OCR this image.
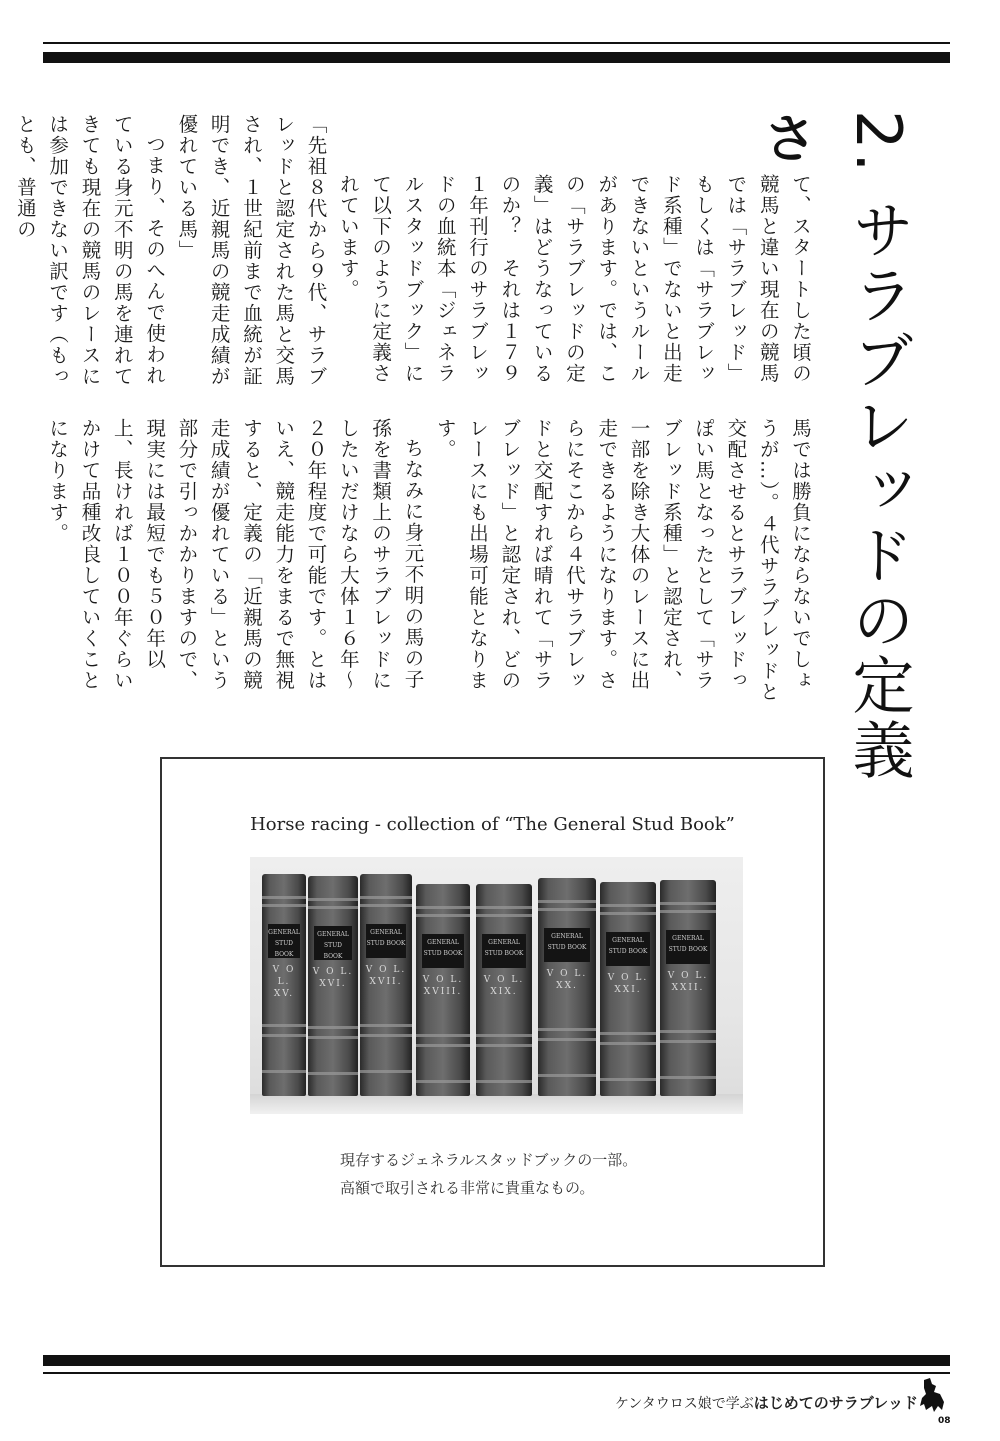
2. サラブレッドの定義
さ

て、スタートした頃の競馬と違い現在の競馬では「サラブレッド」もしくは「サラブレッド系種」でないと出走できないというルールがあります。では、この「サラブレッドの定義」はどうなっているのか？　それは１７９１年刊行のサラブレッドの血統本「ジェネラルスタッドブック」にて以下のように定義されています。

「先祖８代から９代、サラブレッドと認定された馬と交馬され、１世紀前まで血統が証明でき、近親馬の競走成績が優れている馬」

つまり、そのへんで使われている身元不明の馬を連れてきても現在の競馬のレースには参加できない訳です（もっとも、普通の

馬では勝負にならないでしょうが…）。４代サラブレッドと交配させるとサラブレッドっぽい馬となったとして「サラブレッド系種」と認定され、一部を除き大体のレースに出走できるようになります。さらにそこから４代サラブレッドと交配すれば晴れて「サラブレッド」と認定され、どのレースにも出場可能となります。

ちなみに身元不明の馬の子孫を書類上のサラブレッドにしたいだけなら大体１６年～２０年程度で可能です。とはいえ、競走能力をまるで無視すると、定義の「近親馬の競走成績が優れている」という部分で引っかかりますので、現実には最短でも５０年以上、長ければ１００年ぐらいかけて品種改良していくことになります。

Horse racing - collection of “The General Stud Book”
GENERAL STUD BOOK
V O L. XV.
GENERAL STUD BOOK
V O L. XVI.
GENERAL STUD BOOK
V O L. XVII.
GENERAL STUD BOOK
V O L. XVIII.
GENERAL STUD BOOK
V O L. XIX.
GENERAL STUD BOOK
V O L. XX.
GENERAL STUD BOOK
V O L. XXI.
GENERAL STUD BOOK
V O L. XXII.
現存するジェネラルスタッドブックの一部。
高額で取引される非常に貴重なもの。
ケンタウロス娘で学ぶはじめてのサラブレッド
08
